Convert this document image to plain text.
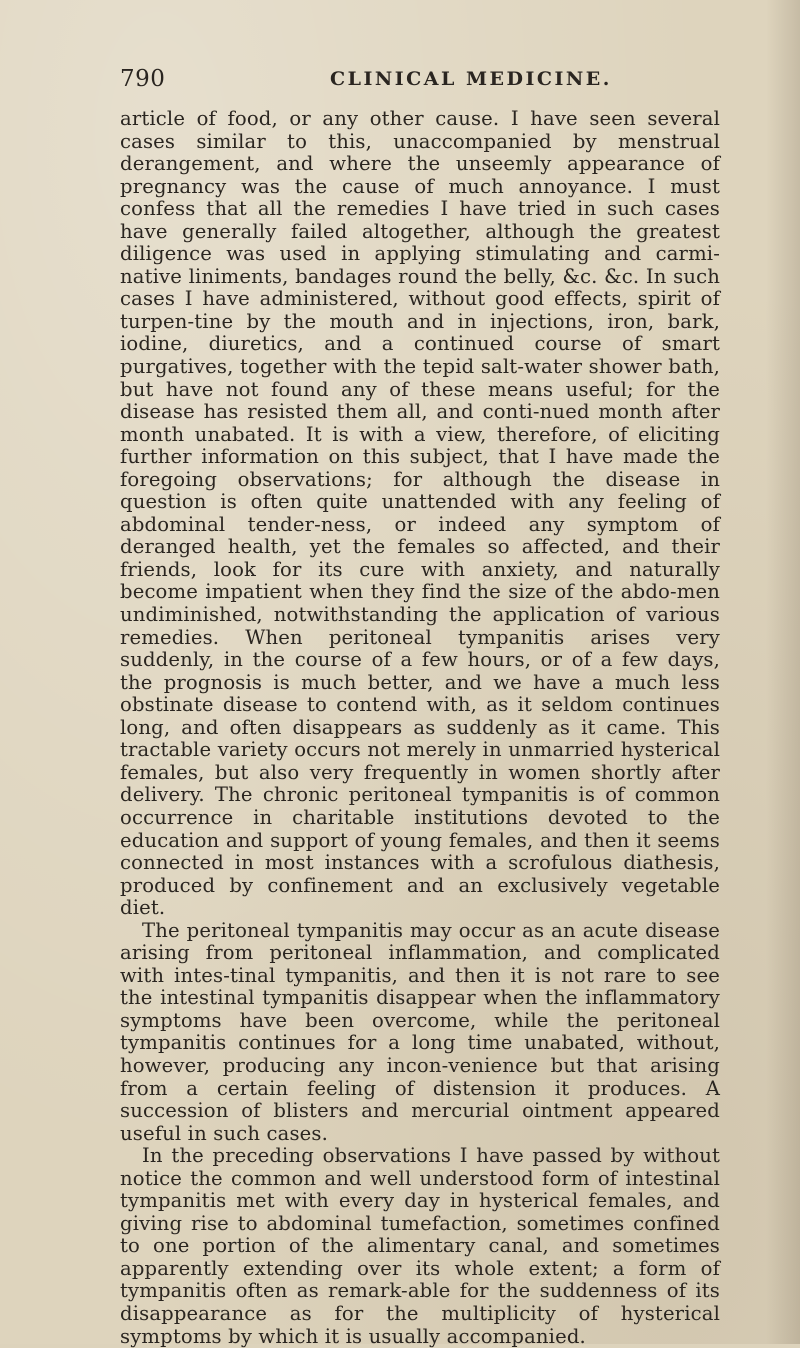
790	CLINICAL MEDICINE.

article of food, or any other cause. I have seen several cases similar to this, unaccompanied by menstrual derangement, and where the unseemly appearance of pregnancy was the cause of much annoyance. I must confess that all the remedies I have tried in such cases have generally failed altogether, although the greatest diligence was used in applying stimulating and carmi-native liniments, bandages round the belly, &c. &c. In such cases I have administered, without good effects, spirit of turpen-tine by the mouth and in injections, iron, bark, iodine, diuretics, and a continued course of smart purgatives, together with the tepid salt-water shower bath, but have not found any of these means useful; for the disease has resisted them all, and conti-nued month after month unabated. It is with a view, therefore, of eliciting further information on this subject, that I have made the foregoing observations; for although the disease in question is often quite unattended with any feeling of abdominal tender-ness, or indeed any symptom of deranged health, yet the females so affected, and their friends, look for its cure with anxiety, and naturally become impatient when they find the size of the abdo-men undiminished, notwithstanding the application of various remedies. When peritoneal tympanitis arises very suddenly, in the course of a few hours, or of a few days, the prognosis is much better, and we have a much less obstinate disease to contend with, as it seldom continues long, and often disappears as suddenly as it came. This tractable variety occurs not merely in unmarried hysterical females, but also very frequently in women shortly after delivery. The chronic peritoneal tympanitis is of common occurrence in charitable institutions devoted to the education and support of young females, and then it seems connected in most instances with a scrofulous diathesis, produced by confinement and an exclusively vegetable diet.

The peritoneal tympanitis may occur as an acute disease arising from peritoneal inflammation, and complicated with intes-tinal tympanitis, and then it is not rare to see the intestinal tympanitis disappear when the inflammatory symptoms have been overcome, while the peritoneal tympanitis continues for a long time unabated, without, however, producing any incon-venience but that arising from a certain feeling of distension it produces. A succession of blisters and mercurial ointment appeared useful in such cases.

In the preceding observations I have passed by without notice the common and well understood form of intestinal tympanitis met with every day in hysterical females, and giving rise to abdominal tumefaction, sometimes confined to one portion of the alimentary canal, and sometimes apparently extending over its whole extent; a form of tympanitis often as remark-able for the suddenness of its disappearance as for the multiplicity of hysterical symptoms by which it is usually accompanied.
